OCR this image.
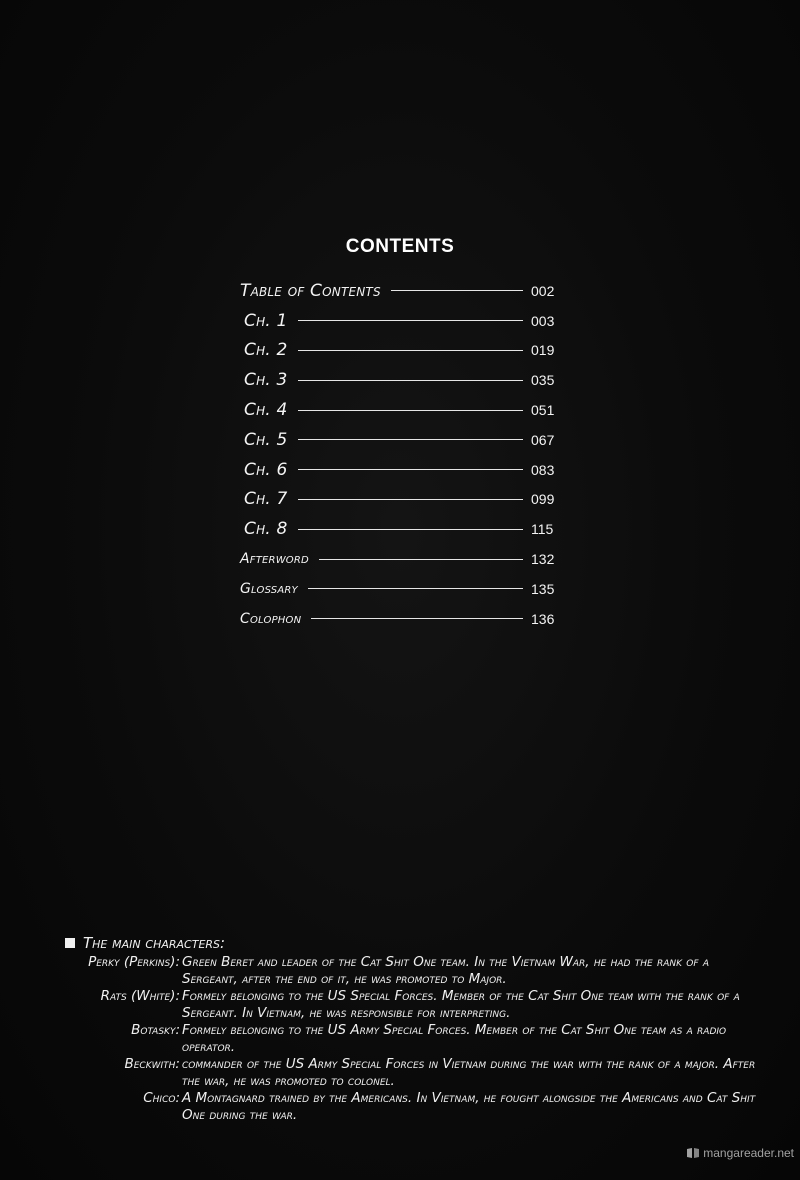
CONTENTS
Table of Contents	002
Ch. 1	003
Ch. 2	019
Ch. 3	035
Ch. 4	051
Ch. 5	067
Ch. 6	083
Ch. 7	099
Ch. 8	115
Afterword	132
Glossary	135
Colophon	136
The main characters:
Perky (Perkins): Green Beret and leader of the Cat Shit One team. In the Vietnam War, he had the rank of a Sergeant, after the end of it, he was promoted to Major.
Rats (White): Formely belonging to the US Special Forces. Member of the Cat Shit One team with the rank of a Sergeant. In Vietnam, he was responsible for interpreting.
Botasky: Formely belonging to the US Army Special Forces. Member of the Cat Shit One team as a radio operator.
Beckwith: commander of the US Army Special Forces in Vietnam during the war with the rank of a major. After the war, he was promoted to colonel.
Chico: A Montagnard trained by the Americans. In Vietnam, he fought alongside the Americans and Cat Shit One during the war.
mangareader.net
